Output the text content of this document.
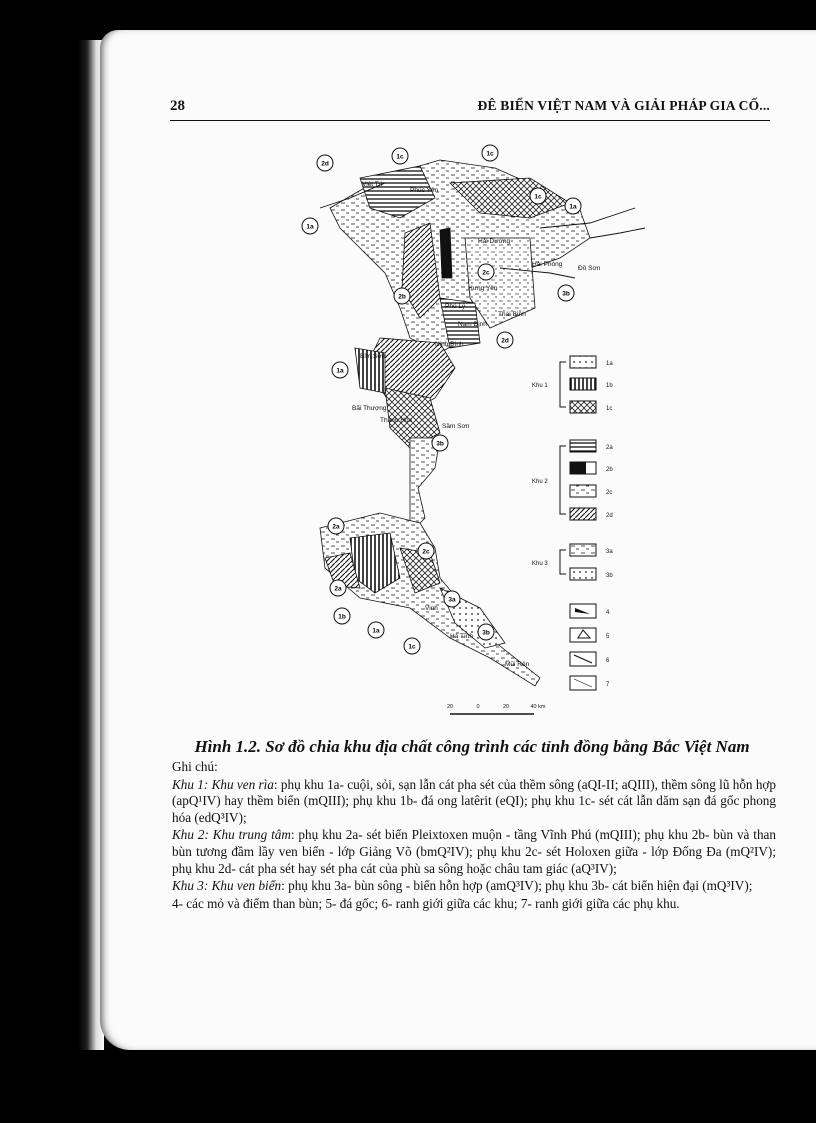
28	ĐÊ BIỂN VIỆT NAM VÀ GIẢI PHÁP GIA CỐ...
Việt Trì
Phúc Yên
Hải Dương
Hải Phòng
Đồ Sơn
Hưng Yên
Phủ Lý
Thái Bình
Nam Định
Ninh Bình
Bỉm Sơn
Bãi Thượng
Thanh Hóa
Sầm Sơn
Vinh
Hà Tĩnh
Mũi Rôn
2d
1c	1c
1c
1a
1a
2b
2c
3b
2d
1a
3b
2a
2c
2a
1b
3a
3b
1a
1c
1a
1b
1c
Khu 1
2a
2b
2c
2d
Khu 2
3a
3b
Khu 3
4
5
6
7
20	0	20	40 km
Hình 1.2. Sơ đồ chia khu địa chất công trình các tỉnh đồng bằng Bắc Việt Nam

Ghi chú:

Khu 1: Khu ven rìa: phụ khu 1a- cuội, sỏi, sạn lẫn cát pha sét của thềm sông (aQI-II; aQIII), thềm sông lũ hỗn hợp (apQ¹IV) hay thềm biển (mQIII); phụ khu 1b- đá ong latêrit (eQI); phụ khu 1c- sét cát lẫn dăm sạn đá gốc phong hóa (edQ³IV);

Khu 2: Khu trung tâm: phụ khu 2a- sét biển Pleixtoxen muộn - tầng Vĩnh Phú (mQIII); phụ khu 2b- bùn và than bùn tương đầm lầy ven biển - lớp Giảng Võ (bmQ²IV); phụ khu 2c- sét Holoxen giữa - lớp Đống Đa (mQ²IV); phụ khu 2d- cát pha sét hay sét pha cát của phù sa sông hoặc châu tam giác (aQ³IV);

Khu 3: Khu ven biển: phụ khu 3a- bùn sông - biển hỗn hợp (amQ³IV); phụ khu 3b- cát biển hiện đại (mQ³IV);

4- các mỏ và điểm than bùn; 5- đá gốc; 6- ranh giới giữa các khu; 7- ranh giới giữa các phụ khu.
